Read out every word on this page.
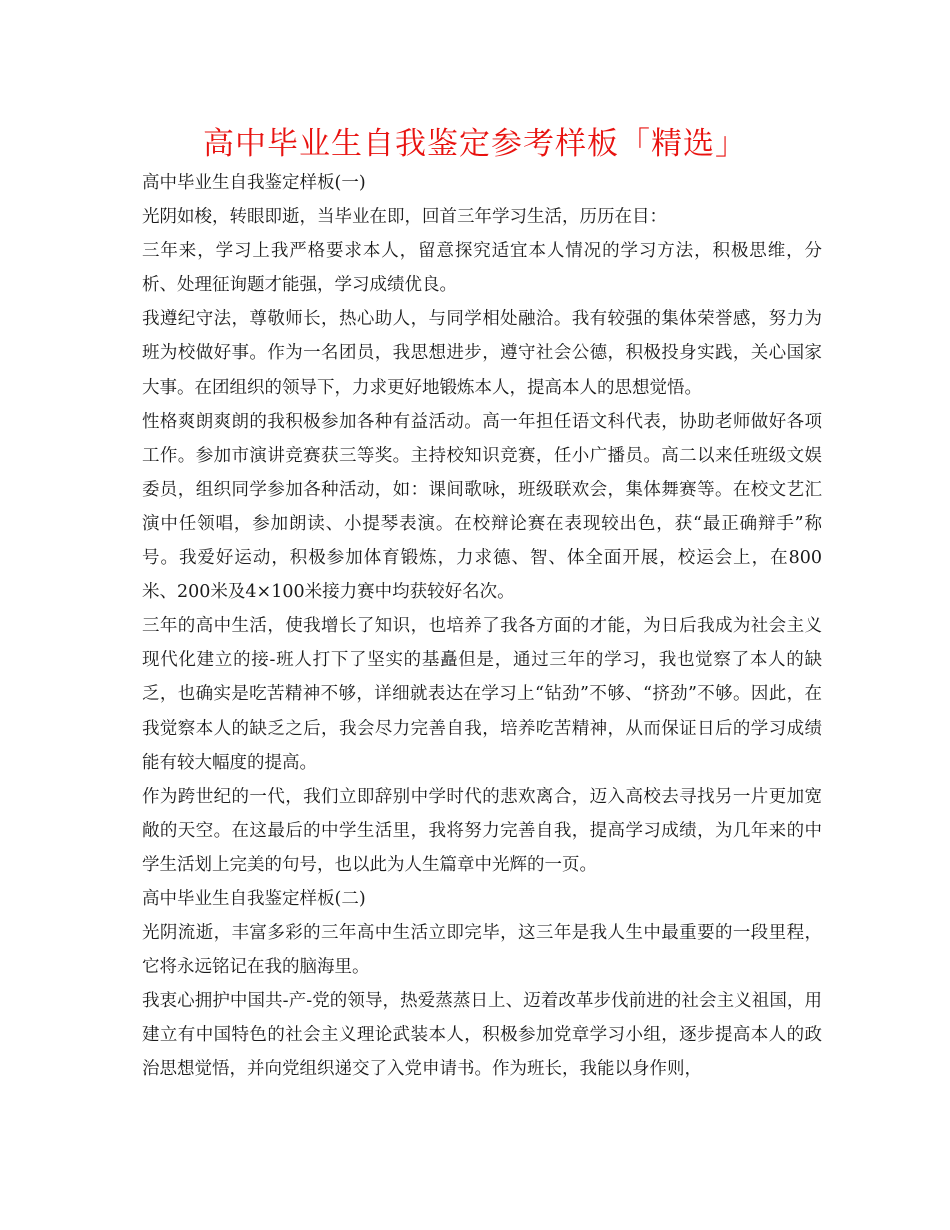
高中毕业生自我鉴定参考样板「精选」

高中毕业生自我鉴定样板(一)

光阴如梭，转眼即逝，当毕业在即，回首三年学习生活，历历在目：

三年来，学习上我严格要求本人，留意探究适宜本人情况的学习方法，积极思维，分析、处理征询题才能强，学习成绩优良。

我遵纪守法，尊敬师长，热心助人，与同学相处融洽。我有较强的集体荣誉感，努力为班为校做好事。作为一名团员，我思想进步，遵守社会公德，积极投身实践，关心国家大事。在团组织的领导下，力求更好地锻炼本人，提高本人的思想觉悟。

性格爽朗爽朗的我积极参加各种有益活动。高一年担任语文科代表，协助老师做好各项工作。参加市演讲竞赛获三等奖。主持校知识竞赛，任小广播员。高二以来任班级文娱委员，组织同学参加各种活动，如：课间歌咏，班级联欢会，集体舞赛等。在校文艺汇演中任领唱，参加朗读、小提琴表演。在校辩论赛在表现较出色，获“最正确辩手”称号。我爱好运动，积极参加体育锻炼，力求德、智、体全面开展，校运会上，在800米、200米及4×100米接力赛中均获较好名次。

三年的高中生活，使我增长了知识，也培养了我各方面的才能，为日后我成为社会主义现代化建立的接-班人打下了坚实的基矗但是，通过三年的学习，我也觉察了本人的缺乏，也确实是吃苦精神不够，详细就表达在学习上“钻劲”不够、“挤劲”不够。因此，在我觉察本人的缺乏之后，我会尽力完善自我，培养吃苦精神，从而保证日后的学习成绩能有较大幅度的提高。

作为跨世纪的一代，我们立即辞别中学时代的悲欢离合，迈入高校去寻找另一片更加宽敞的天空。在这最后的中学生活里，我将努力完善自我，提高学习成绩，为几年来的中学生活划上完美的句号，也以此为人生篇章中光辉的一页。

高中毕业生自我鉴定样板(二)

光阴流逝，丰富多彩的三年高中生活立即完毕，这三年是我人生中最重要的一段里程，它将永远铭记在我的脑海里。

我衷心拥护中国共-产-党的领导，热爱蒸蒸日上、迈着改革步伐前进的社会主义祖国，用建立有中国特色的社会主义理论武装本人，积极参加党章学习小组，逐步提高本人的政治思想觉悟，并向党组织递交了入党申请书。作为班长，我能以身作则，
